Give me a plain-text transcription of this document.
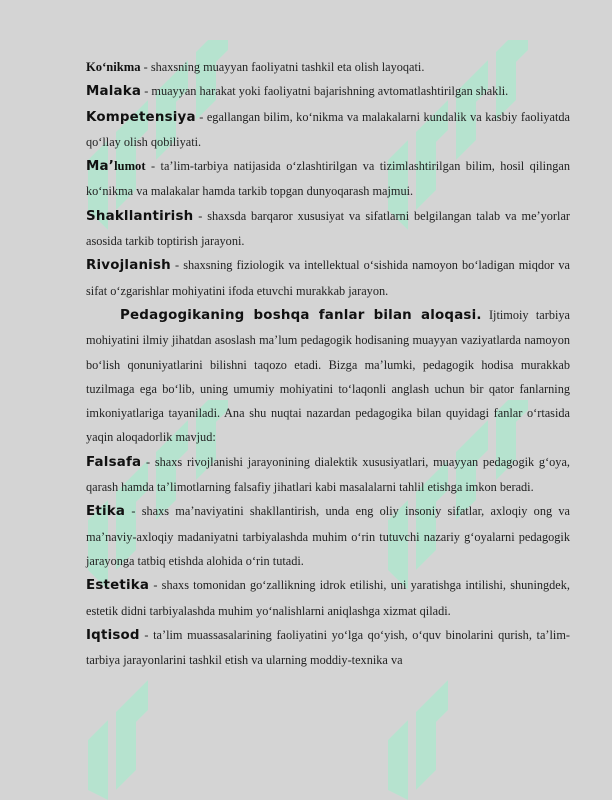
Koʻnikma - shaxsning muayyan faoliyatni tashkil eta olish layoqati.

Malaka - muayyan harakat yoki faoliyatni bajarishning avtomatlashtirilgan shakli.

Kompetensiya - egallangan bilim, koʻnikma va malakalarni kundalik va kasbiy faoliyatda qoʻllay olish qobiliyati.

Ma’lumot - ta’lim-tarbiya natijasida oʻzlashtirilgan va tizimlashtirilgan bilim, hosil qilingan koʻnikma va malakalar hamda tarkib topgan dunyoqarash majmui.

Shakllantirish - shaxsda barqaror xususiyat va sifatlarni belgilangan talab va me’yorlar asosida tarkib toptirish jarayoni.

Rivojlanish - shaxsning fiziologik va intellektual oʻsishida namoyon boʻladigan miqdor va sifat oʻzgarishlar mohiyatini ifoda etuvchi murakkab jarayon.

Pedagogikaning boshqa fanlar bilan aloqasi. Ijtimoiy tarbiya mohiyatini ilmiy jihatdan asoslash ma’lum pedagogik hodisaning muayyan vaziyatlarda namoyon boʻlish qonuniyatlarini bilishni taqozo etadi. Bizga ma’lumki, pedagogik hodisa murakkab tuzilmaga ega boʻlib, uning umumiy mohiyatini toʻlaqonli anglash uchun bir qator fanlarning imkoniyatlariga tayaniladi. Ana shu nuqtai nazardan pedagogika bilan quyidagi fanlar oʻrtasida yaqin aloqadorlik mavjud:

Falsafa - shaxs rivojlanishi jarayonining dialektik xususiyatlari, muayyan pedagogik gʻoya, qarash hamda ta’limotlarning falsafiy jihatlari kabi masalalarni tahlil etishga imkon beradi.

Etika - shaxs ma’naviyatini shakllantirish, unda eng oliy insoniy sifatlar, axloqiy ong va ma’naviy-axloqiy madaniyatni tarbiyalashda muhim oʻrin tutuvchi nazariy gʻoyalarni pedagogik jarayonga tatbiq etishda alohida oʻrin tutadi.

Estetika - shaxs tomonidan goʻzallikning idrok etilishi, uni yaratishga intilishi, shuningdek, estetik didni tarbiyalashda muhim yoʻnalishlarni aniqlashga xizmat qiladi.

Iqtisod - ta’lim muassasalarining faoliyatini yoʻlga qoʻyish, oʻquv binolarini qurish, ta’lim-tarbiya jarayonlarini tashkil etish va ularning moddiy-texnika va
